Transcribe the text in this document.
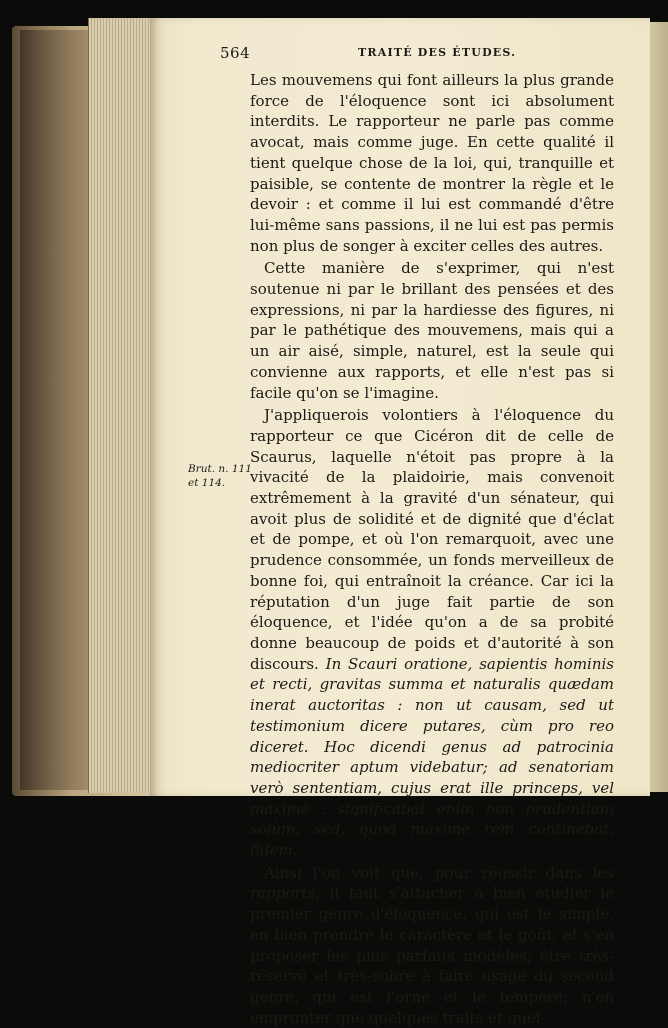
564	TRAITÉ DES ÉTUDES.
Brut. n. 111
et 114.

Les mouvemens qui font ailleurs la plus grande force de l'éloquence sont ici absolument interdits. Le rapporteur ne parle pas comme avocat, mais comme juge. En cette qualité il tient quelque chose de la loi, qui, tranquille et paisible, se contente de montrer la règle et le devoir : et comme il lui est commandé d'être lui-même sans passions, il ne lui est pas permis non plus de songer à exciter celles des autres.

Cette manière de s'exprimer, qui n'est soutenue ni par le brillant des pensées et des expressions, ni par la hardiesse des figures, ni par le pathétique des mouvemens, mais qui a un air aisé, simple, naturel, est la seule qui convienne aux rapports, et elle n'est pas si facile qu'on se l'imagine.

J'appliquerois volontiers à l'éloquence du rapporteur ce que Cicéron dit de celle de Scaurus, laquelle n'étoit pas propre à la vivacité de la plaidoirie, mais convenoit extrêmement à la gravité d'un sénateur, qui avoit plus de solidité et de dignité que d'éclat et de pompe, et où l'on remarquoit, avec une prudence consommée, un fonds merveilleux de bonne foi, qui entraînoit la créance. Car ici la réputation d'un juge fait partie de son éloquence, et l'idée qu'on a de sa probité donne beaucoup de poids et d'autorité à son discours. In Scauri oratione, sapientis hominis et recti, gravitas summa et naturalis quædam inerat auctoritas : non ut causam, sed ut testimonium dicere putares, cùm pro reo diceret. Hoc dicendi genus ad patrocinia mediocriter aptum videbatur; ad senatoriam verò sententiam, cujus erat ille princeps, vel maximè : significabat enim non prudentiam solùm, sed, quod maximè rem continebat, fidem.

Ainsi l'on voit que, pour réussir dans les rapports, il faut s'attacher à bien étudier le premier genre d'éloquence, qui est le simple, en bien prendre le caractère et le goût, et s'en proposer les plus parfaits modèles; être très-réservé et très-sobre à faire usage du second genre, qui est l'orné et le tempéré; n'en emprunter que quelques traits et quel-
